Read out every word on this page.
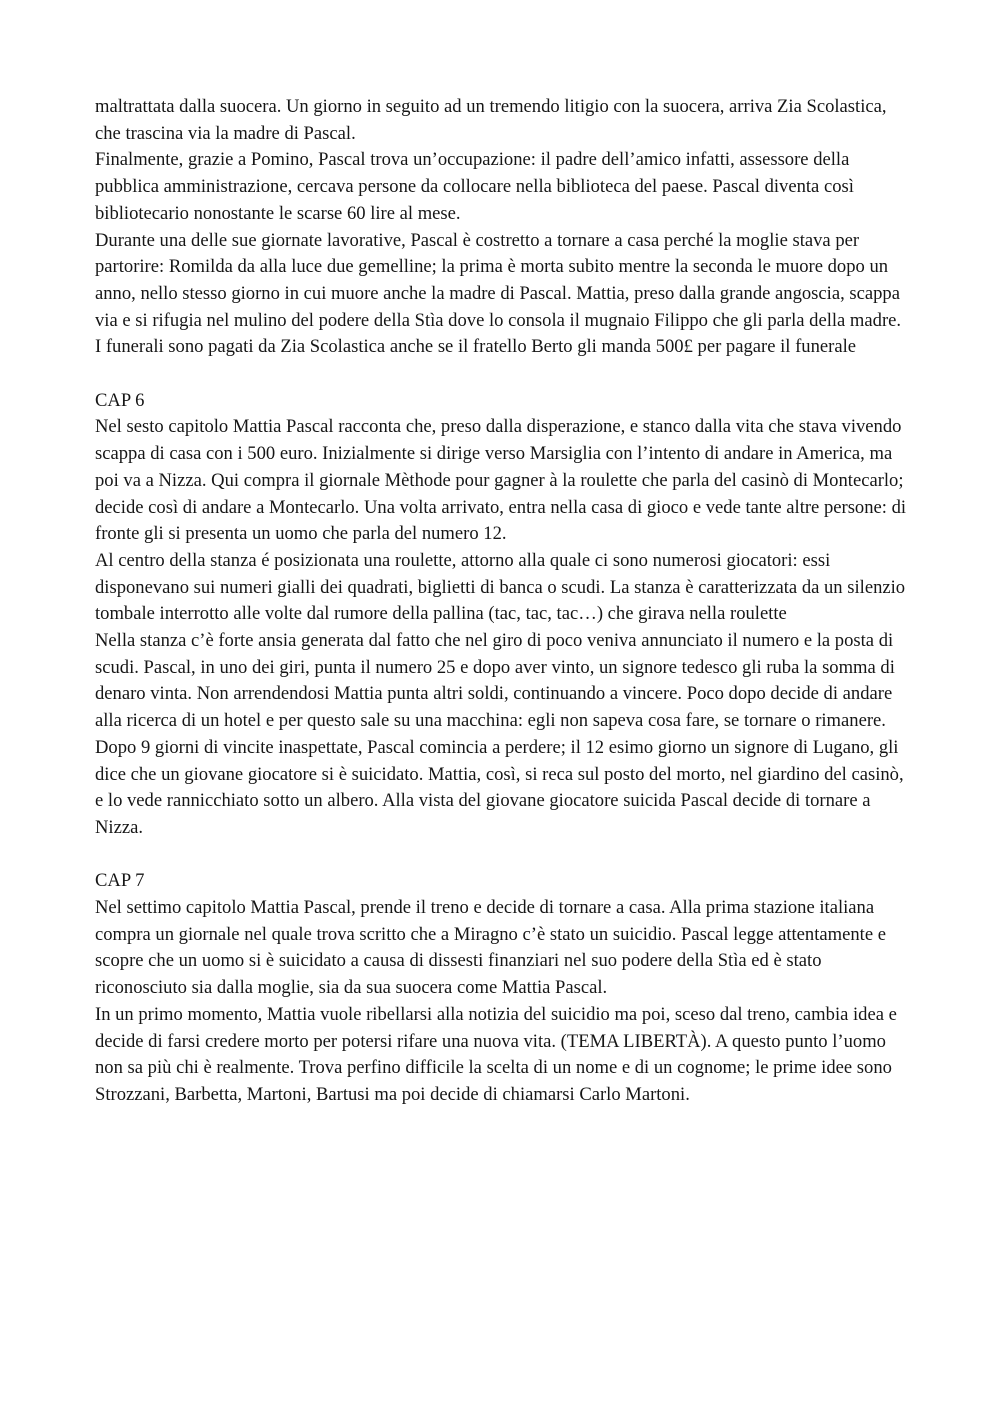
maltrattata dalla suocera. Un giorno in seguito ad un tremendo litigio con la suocera, arriva Zia Scolastica, che trascina via la madre di Pascal.

Finalmente, grazie a Pomino, Pascal trova un’occupazione: il padre dell’amico infatti, assessore della pubblica amministrazione, cercava persone da collocare nella biblioteca del paese. Pascal diventa così bibliotecario nonostante le scarse 60 lire al mese.

Durante una delle sue giornate lavorative, Pascal è costretto a tornare a casa perché la moglie stava per partorire: Romilda da alla luce due gemelline; la prima è morta subito mentre la seconda le muore dopo un anno, nello stesso giorno in cui muore anche la madre di Pascal. Mattia, preso dalla grande angoscia, scappa via e si rifugia nel mulino del podere della Stìa dove lo consola il mugnaio Filippo che gli parla della madre.

I funerali sono pagati da Zia Scolastica anche se il fratello Berto gli manda 500£ per pagare il funerale

CAP 6

Nel sesto capitolo Mattia Pascal racconta che, preso dalla disperazione, e stanco dalla vita che stava vivendo scappa di casa con i 500 euro. Inizialmente si dirige verso Marsiglia con l’intento di andare in America, ma poi va a Nizza. Qui compra il giornale Mèthode pour gagner à la roulette che parla del casinò di Montecarlo; decide così di andare a Montecarlo. Una volta arrivato, entra nella casa di gioco e vede tante altre persone: di fronte gli si presenta un uomo che parla del numero 12.

Al centro della stanza é posizionata una roulette, attorno alla quale ci sono numerosi giocatori: essi disponevano sui numeri gialli dei quadrati, biglietti di banca o scudi. La stanza è caratterizzata da un silenzio tombale interrotto alle volte dal rumore della pallina (tac, tac, tac…) che girava nella roulette

Nella stanza c’è forte ansia generata dal fatto che nel giro di poco veniva annunciato il numero e la posta di scudi. Pascal, in uno dei giri, punta il numero 25 e dopo aver vinto, un signore tedesco gli ruba la somma di denaro vinta. Non arrendendosi Mattia punta altri soldi, continuando a vincere. Poco dopo decide di andare alla ricerca di un hotel e per questo sale su una macchina: egli non sapeva cosa fare, se tornare o rimanere.

Dopo 9 giorni di vincite inaspettate, Pascal comincia a perdere; il 12 esimo giorno un signore di Lugano, gli dice che un giovane giocatore si è suicidato. Mattia, così, si reca sul posto del morto, nel giardino del casinò, e lo vede rannicchiato sotto un albero. Alla vista del giovane giocatore suicida Pascal decide di tornare a Nizza.

CAP 7

Nel settimo capitolo Mattia Pascal, prende il treno e decide di tornare a casa. Alla prima stazione italiana compra un giornale nel quale trova scritto che a Miragno c’è stato un suicidio. Pascal legge attentamente e scopre che un uomo si è suicidato a causa di dissesti finanziari nel suo podere della Stìa ed è stato riconosciuto sia dalla moglie, sia da sua suocera come Mattia Pascal.

In un primo momento, Mattia vuole ribellarsi alla notizia del suicidio ma poi, sceso dal treno, cambia idea e decide di farsi credere morto per potersi rifare una nuova vita. (TEMA LIBERTÀ). A questo punto l’uomo non sa più chi è realmente. Trova perfino difficile la scelta di un nome e di un cognome; le prime idee sono Strozzani, Barbetta, Martoni, Bartusi ma poi decide di chiamarsi Carlo Martoni.
